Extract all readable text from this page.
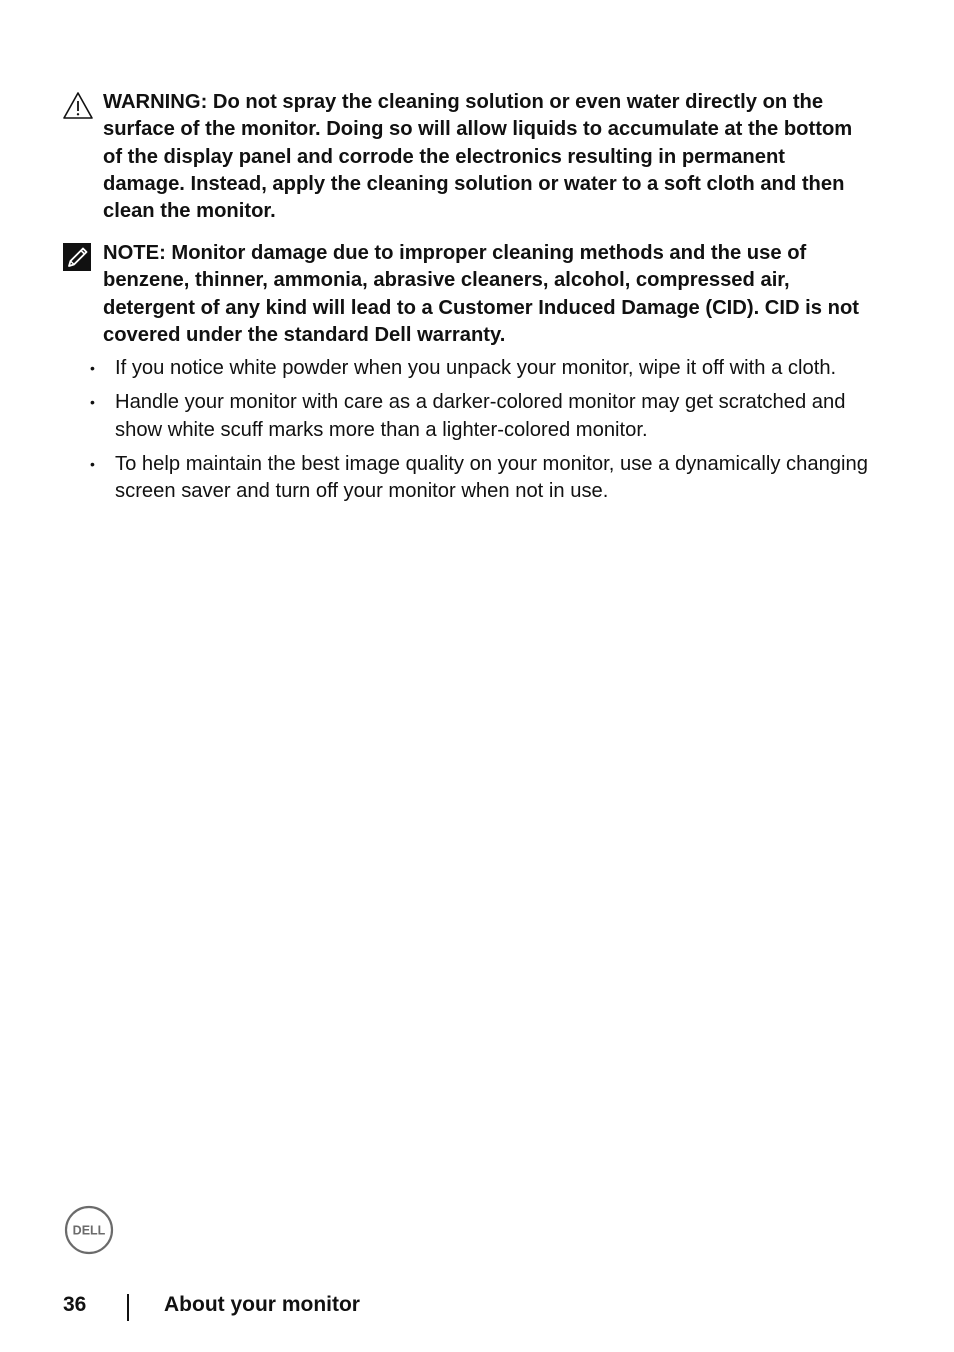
WARNING: Do not spray the cleaning solution or even water directly on the surface of the monitor. Doing so will allow liquids to accumulate at the bottom of the display panel and corrode the electronics resulting in permanent damage. Instead, apply the cleaning solution or water to a soft cloth and then clean the monitor.
NOTE: Monitor damage due to improper cleaning methods and the use of benzene, thinner, ammonia, abrasive cleaners, alcohol, compressed air, detergent of any kind will lead to a Customer Induced Damage (CID). CID is not covered under the standard Dell warranty.
• If you notice white powder when you unpack your monitor, wipe it off with a cloth.
• Handle your monitor with care as a darker-colored monitor may get scratched and show white scuff marks more than a lighter-colored monitor.
• To help maintain the best image quality on your monitor, use a dynamically changing screen saver and turn off your monitor when not in use.
DELL
36	About your monitor
